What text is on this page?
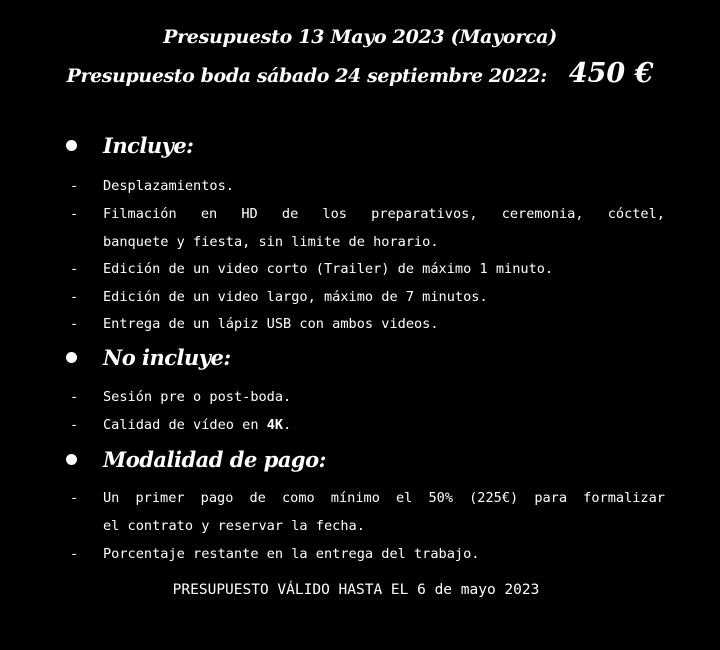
Presupuesto 13 Mayo 2023 (Mayorca)
Presupuesto boda sábado 24 septiembre 2022: 450 €
Incluye:
- Desplazamientos.
- Filmación en HD de los preparativos, ceremonia, cóctel,
banquete y fiesta, sin limite de horario.
- Edición de un video corto (Trailer) de máximo 1 minuto.
- Edición de un video largo, máximo de 7 minutos.
- Entrega de un lápiz USB con ambos videos.
No incluye:
- Sesión pre o post-boda.
- Calidad de vídeo en 4K.
Modalidad de pago:
- Un primer pago de como mínimo el 50% (225€) para formalizar
el contrato y reservar la fecha.
- Porcentaje restante en la entrega del trabajo.
PRESUPUESTO VÁLIDO HASTA EL 6 de mayo 2023
